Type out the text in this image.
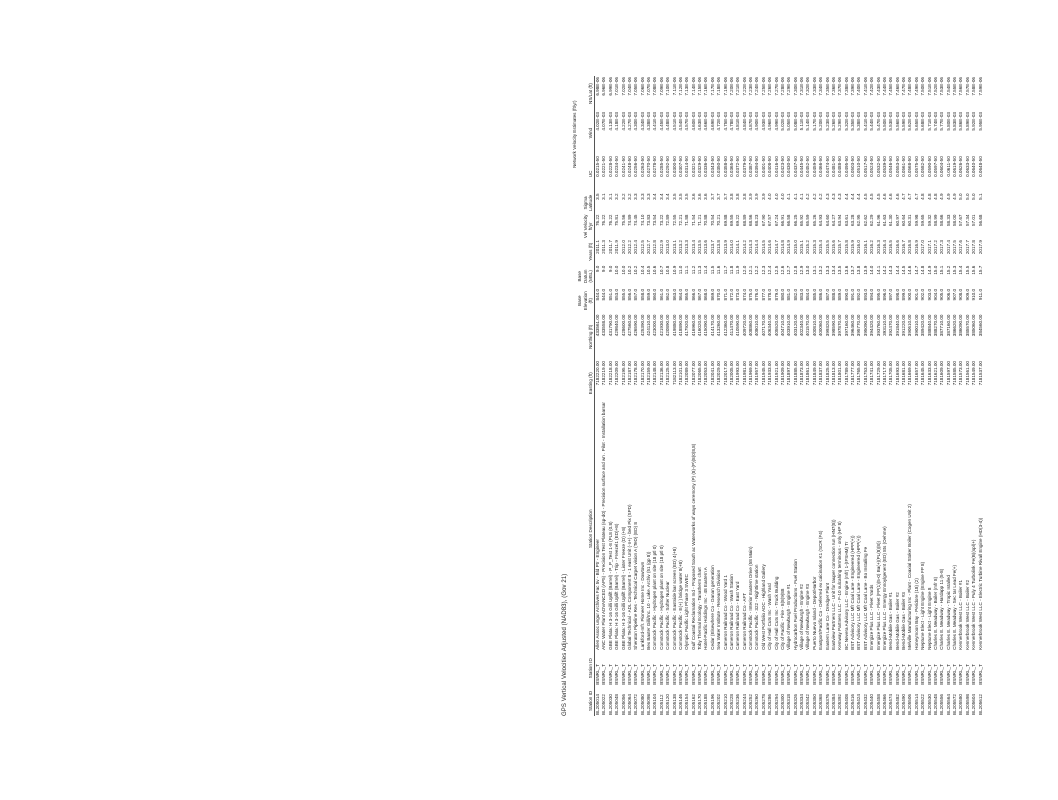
GPS Vertical Velocities Adjusted (NAD83), (Gov 21)
										Network Velocity Estimates (ft/yr)		
Station ID	Station ID	Station Description	Easting (ft)	Northing (ft)	Base Elevation (ft)	Base Datum (MSL)	Years (ft)	Vel Velocity ft/yr	Sigma Latitude	UC	Wind	NS/Lat (ft)
BL205014	BSNRL_T	Allen Assoc ungur Archives Fac 5v - Bld Ptr - Engineer	7182220.00	433561.00	844.0	9.0	2011.1	76.22	3.5	0.0215-50	4.02E-03	6.98E-06
BL205022	BSNRL_T	ANC Water Plant ADVANCED (AP5) - Precision Test Plateau (sp-d0) - Precision surface and wn . Pilot - Installation barsar	7182219.00	433558.00	844.0	9.0	2011.3	76.22	3.1	0.0221-50	4.07E-03	6.96E-06
BL205030	BSNRL_T	GBE Plata: H 3-16 Gilli Uplift (Barrel) - P_P_Test 1-8 (PL8 (0.8)	7182218.00	431790.00	851.0	9.0	2011.7	76.22	3.1	0.0228-50	4.13E-03	6.99E-06
BL205048	BSNRL_T	GBE Plata: H 3-16 Gilli Uplift (Barrel) - Trip - Freezel1 (ED)+8)	7182209.00	429840.00	853.0	10.0	2011.9	75.81	3.2	0.0234-50	4.18E-03	7.01E-06
BL205056	BSNRL_T	GBE Plata: H 3-16 Gilli Uplift (Barrel) - Lister Freeze (D) (+8)	7182195.00	428600.00	855.0	10.0	2012.0	75.56	3.2	0.0241-50	4.22E-03	7.02E-06
BL205064	BSNRL_T	Global Technical - ADL Component 8 - 1 east Unit (-n+) - bed Pix (SPD)	7182187.00	427560.00	856.0	10.2	2012.2	74.89	3.2	0.0248-50	4.27E-03	7.04E-06
BL205072	BSNRL_T	Sheraton Pipeline Res - Technical Carpet vision A (TeD) (ED) 8	7182178.00	426590.00	857.0	10.2	2012.4	74.45	3.3	0.0256-50	4.30E-03	7.05E-06
BL205080	BSNRL_T	Lankford-mfr. Pioneer Home Inc - Dowtown	7182170.00	425390.00	858.0	10.4	2012.5	74.10	3.3	0.0263-50	4.34E-03	7.06E-06
BL205098	BSNRL_T	Bex Baxter Gilli/Inc. 10 - Lake. Archiv (51 (gp 8))	7182159.00	424110.00	859.0	10.5	2012.7	73.83	3.3	0.0270-50	4.38E-03	7.07E-06
BL205104	BSNRL_T	Comstock Pacific - Hydrogen plant on site (18 ptl 0)	7182148.00	423000.00	860.0	10.6	2012.8	73.54	3.4	0.0278-50	4.41E-03	7.08E-06
BL205112	BSNRL_T	Comstock Pacific - Hydrogen plant on site (18 ptl 0)	7182136.00	421930.00	861.0	10.7	2012.9	73.22	3.4	0.0285-50	4.45E-03	7.09E-06
BL205120	BSNRL_T	Comstock Pacific - Softer Nuclear	7182125.00	420890.00	862.0	10.8	2013.0	72.89	3.4	0.0292-50	4.48E-03	7.10E-06
BL205138	BSNRL_T	Comstock Pacific - Eastside bar screen (ED) 4(+8)	7182113.00	419880.00	863.0	10.9	2013.1	72.55	3.5	0.0300-50	4.51E-03	7.11E-06
BL205146	BSNRL_T	Comstock Pacific - E(+) ) bridge water 8(+8)	7182101.00	418890.00	864.0	11.0	2013.2	72.21	3.5	0.0307-50	4.54E-03	7.12E-06
BL205154	BSNRL_T	Olympic Pacific Light Phase 3 SWEC	7182089.00	417920.00	865.0	11.1	2013.3	71.88	3.5	0.0314-50	4.57E-03	7.13E-06
BL205162	BSNRL_T	Gulf Coastal Reclamation Ind - Proposed South ac Waterworks of ways ceremony (P) (8)-(P)(8(0)8,8)	7182077.00	416960.00	866.0	11.2	2013.4	71.54	3.6	0.0321-50	4.60E-03	7.14E-06
BL205170	BSNRL_T	Toby Thermal Ecology - Tanatherm chart	7182065.00	416020.00	867.0	11.3	2013.5	71.21	3.6	0.0329-50	4.63E-03	7.15E-06
BL205188	BSNRL_T	Hotel-Pacific Holdings Inc - 48 Eastern A	7182053.00	415090.00	868.0	11.4	2013.6	70.88	3.6	0.0336-50	4.66E-03	7.16E-06
BL205196	BSNRL_T	Cedar (Elsewhere Co - Danan generation	7182041.00	414170.00	869.0	11.5	2013.7	70.54	3.7	0.0343-50	4.69E-03	7.17E-06
BL205202	BSNRL_T	Sea Water Institute - Research Division	7182029.00	413260.00	870.0	11.6	2013.8	70.21	3.7	0.0350-50	4.72E-03	7.18E-06
BL205210	BSNRL_T	Cameron Railroad Co - Wood Yard 1	7182017.00	412360.00	871.0	11.7	2013.9	69.88	3.7	0.0358-50	4.75E-03	7.19E-06
BL205228	BSNRL_T	Cameron Railroad Co - Wash Station	7182005.00	411470.00	872.0	11.8	2014.0	69.55	3.8	0.0365-50	4.78E-03	7.20E-06
BL205236	BSNRL_T	Cameron Railroad Co - East Yard	7181993.00	410590.00	873.0	11.9	2014.1	69.22	3.8	0.0372-50	4.81E-03	7.21E-06
BL205244	BSNRL_T	Cameron Railroad Co - AFT	7181981.00	409720.00	874.0	12.0	2014.2	68.89	3.8	0.0379-50	4.84E-03	7.22E-06
BL205252	BSNRL_T	Comstock Pacific - Interior Eastern Drive (58 Main)	7181969.00	408860.00	875.0	12.1	2014.3	68.56	3.9	0.0387-50	4.87E-03	7.23E-06
BL205260	BSNRL_T	Comstock Pacific - 322 - Nighttime station	7181957.00	408010.00	876.0	12.2	2014.4	68.23	3.9	0.0394-50	4.90E-03	7.24E-06
BL205278	BSNRL_T	Old West Portfolio ADC - Highland Gallery	7181945.00	407170.00	877.0	12.3	2014.5	67.90	3.9	0.0401-50	4.93E-03	7.25E-06
BL205286	BSNRL_T	City of Hall Cuts Inc - Wash Yard	7181933.00	406340.00	878.0	12.4	2014.6	67.57	4.0	0.0408-50	4.96E-03	7.26E-06
BL205294	BSNRL_T	City of Hall Cuts Inc - Truck Building	7181921.00	405520.00	879.0	12.5	2014.7	67.24	4.0	0.0416-50	4.99E-03	7.27E-06
BL205300	BSNRL_T	City of Pacific - Fire - 8(8(9(88	7181909.00	404710.00	880.0	12.6	2014.8	66.91	4.0	0.0423-50	5.02E-03	7.28E-06
BL205318	BSNRL_T	Village of Newburgh - Engine #1	7181897.00	403910.00	881.0	12.7	2014.9	66.58	4.1	0.0430-50	5.05E-03	7.29E-06
BL205326	BSNRL_T	Hydrocarbon Fuel Productions - Fuel Station	7181885.00	403120.00	882.0	12.8	2015.0	66.25	4.1	0.0437-50	5.08E-03	7.30E-06
BL205334	BSNRL_T	Village of Newburgh - Engine #2	7181873.00	402340.00	883.0	12.9	2015.1	65.92	4.1	0.0445-50	5.11E-03	7.31E-06
BL205342	BSNRL_T	Village of Newburgh - Engine #3	7181861.00	401570.00	884.0	13.0	2015.2	65.59	4.2	0.0452-50	5.14E-03	7.32E-06
BL205350	BSNRL_T	Puerto Nuevo Island - Depot/Harbor	7181849.00	400810.00	885.0	13.1	2015.3	65.26	4.2	0.0459-50	5.17E-03	7.33E-06
BL205368	BSNRL_T	Eastport/Pacific Co - Deferred ex calcination K1 (SCR (F4)	7181837.00	400060.00	886.0	13.2	2015.4	64.93	4.2	0.0466-50	5.20E-03	7.34E-06
BL205376	BSNRL_T	Eastern Lane Co - Dredger Plant	7181825.00	399320.00	887.0	13.3	2015.5	64.60	4.3	0.0474-50	5.23E-03	7.35E-06
BL205384	BSNRL_T	Eastview Partners LLC - Unit for tauper connection run (HN7(8))	7181813.00	398590.00	888.0	13.4	2015.6	64.27	4.3	0.0481-50	5.26E-03	7.36E-06
BL205392	BSNRL_T	Kemway Partners LLC - F-10 sulcahing terminous - only (HP 8)	7181801.00	397870.00	889.0	13.5	2015.7	63.94	4.3	0.0488-50	5.29E-03	7.37E-06
BL205408	BSNRL_T	BC Nevera Advisory LLC - Engine (mfr) 1-(IFSHM) Tr	7181789.00	397160.00	890.0	13.6	2015.8	63.61	4.4	0.0495-50	5.32E-03	7.38E-06
BL205416	BSNRL_T	BST Advisory LLC Mfr Coal Lane - Engineered (HPP(+))	7181777.00	396460.00	891.0	13.7	2015.9	63.28	4.4	0.0503-50	5.35E-03	7.39E-06
BL205424	BSNRL_T	BST Advisory LLC Mfr Coal Lane - Engineered (HPP(+))	7181765.00	395770.00	892.0	13.8	2016.0	62.95	4.4	0.0510-50	5.38E-03	7.40E-06
BL205432	BSNRL_T	BST Advisory LLC Mfr Coal Lane - Bo Installing Fe	7181753.00	395090.00	893.0	13.9	2016.1	62.62	4.5	0.0517-50	5.41E-03	7.41E-06
BL205440	BSNRL_T	Energize Plus LLC - Fleet Yards	7181741.00	394420.00	894.0	14.0	2016.2	62.29	4.5	0.0524-50	5.44E-03	7.42E-06
BL205458	BSNRL_T	Energize Plus LLC - Fleet (FP(1)(5-0) Ba(+)(PL(8)(8))	7181729.00	393760.00	895.0	14.1	2016.3	61.96	4.5	0.0532-50	5.47E-03	7.43E-06
BL205466	BSNRL_T	Energize Plus LLC - Energy Ennoylgenent (ED) 8ts (Oehme)	7181717.00	393110.00	896.0	14.2	2016.4	61.63	4.6	0.0539-50	5.50E-03	7.44E-06
BL205474	BSNRL_T	Bend-Mobile Gas - Boiler #1	7181705.00	392470.00	897.0	14.3	2016.5	61.30	4.6	0.0546-50	5.53E-03	7.45E-06
BL205482	BSNRL_T	Bend-Mobile Gas - Boiler #2	7181693.00	391840.00	898.0	14.4	2016.6	60.97	4.6	0.0553-50	5.56E-03	7.46E-06
BL205490	BSNRL_T	Bend-Mobile Gas - Boiler #3	7181681.00	391220.00	899.0	14.5	2016.7	60.64	4.7	0.0561-50	5.59E-03	7.47E-06
BL205506	BSNRL_T	Melville Manufacturing Inc - Plant - Coaxial Stoker Boiler (Cogen Unit 2)	7181669.00	390610.00	900.0	14.6	2016.8	60.31	4.7	0.0568-50	5.62E-03	7.48E-06
BL205514	BSNRL_T	Honeymoon Bay - Peridore (18) (2)	7181657.00	390010.00	901.0	14.7	2016.9	59.98	4.7	0.0575-50	5.65E-03	7.49E-06
BL205522	BSNRL_T	Neptune Elect - Light Engine (Engine FP 8)	7181645.00	389420.00	902.0	14.8	2017.0	59.65	4.8	0.0582-50	5.68E-03	7.50E-06
BL205530	BSNRL_T	Neptune Elect - Light Engine 8	7181633.00	388840.00	903.0	14.9	2017.1	59.32	4.8	0.0590-50	5.71E-03	7.51E-06
BL205548	BSNRL_T	Charles E. Meadway - Boiler (mfr 8)	7181621.00	388270.00	904.0	15.0	2017.2	58.99	4.8	0.0597-50	5.74E-03	7.52E-06
BL205556	BSNRL_T	Charles E. Meadway - Hardapp 11 (5-8)	7181609.00	387710.00	905.0	15.1	2017.3	58.66	4.9	0.0604-50	5.77E-03	7.53E-06
BL205564	BSNRL_T	Charles E. Meadway - Tropic Istalled	7181597.00	387160.00	906.0	15.2	2017.4	58.33	4.9	0.0611-50	5.80E-03	7.54E-06
BL205572	BSNRL_T	Charles E. Meadway - Sec tar Lead Fe(+)	7181585.00	386620.00	907.0	15.3	2017.5	58.00	4.9	0.0619-50	5.83E-03	7.55E-06
BL205580	BSNRL_T	Kennerbrook West LLC - Boiler #1	7181573.00	386090.00	908.0	15.4	2017.6	57.67	5.0	0.0626-50	5.86E-03	7.56E-06
BL205598	BSNRL_T	Kennerbrook West LLC - Boiler #2	7181561.00	385570.00	909.0	15.5	2017.7	57.34	5.0	0.0633-50	5.89E-03	7.57E-06
BL205604	BSNRL_T	Kennerbrook West LLC - Puly 4 Turbolink Fe(B)(spl(+)	7181549.00	385060.00	910.0	15.6	2017.8	57.01	5.0	0.0640-50	5.92E-03	7.58E-06
BL205612	BSNRL_T	Kennerbrook West LLC - Electric Turbine Rivall Engine (HD(3-4))	7181537.00	384560.00	911.0	15.7	2017.9	56.68	5.1	0.0648-50	5.95E-03	7.59E-06
